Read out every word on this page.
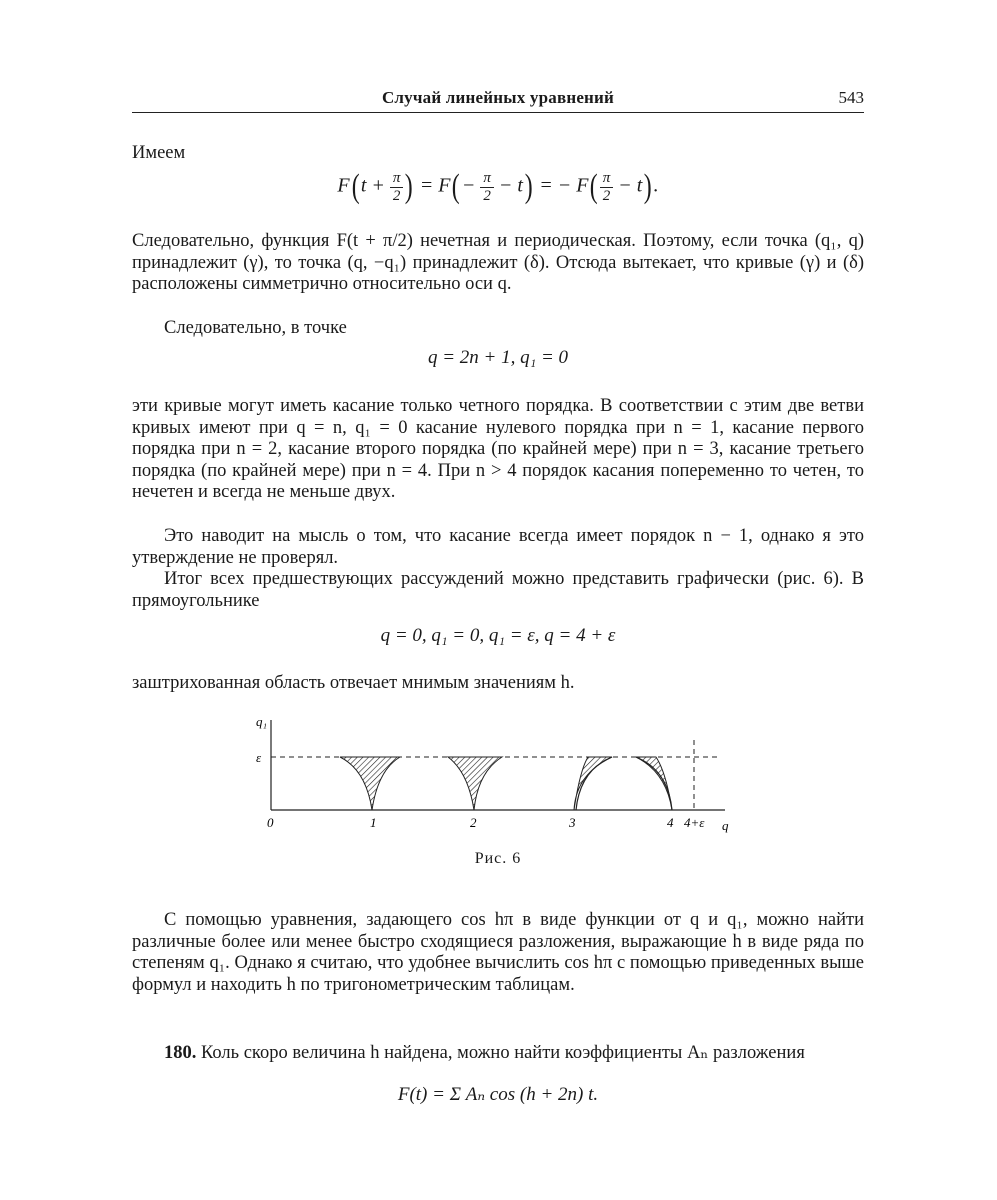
Случай линейных уравнений	543

Имеем

$F(t + \frac{\pi}{2}$ ) = $F(- \frac{\pi}{2} - t)$ = − $F( \frac{\pi}{2} - t)$.

Следовательно, функция F(t + π/2) нечетная и периодическая. Поэтому, если точка (q₁, q) принадлежит (γ), то точка (q, −q₁) принадлежит (δ). Отсюда вытекает, что кривые (γ) и (δ) расположены симметрично относительно оси q.

Следовательно, в точке

q = 2n + 1, q₁ = 0

эти кривые могут иметь касание только четного порядка. В соответствии с этим две ветви кривых имеют при q = n, q₁ = 0 касание нулевого порядка при n = 1, касание первого порядка при n = 2, касание второго порядка (по крайней мере) при n = 3, касание третьего порядка (по крайней мере) при n = 4. При n > 4 порядок касания попеременно то четен, то нечетен и всегда не меньше двух.

Это наводит на мысль о том, что касание всегда имеет порядок n − 1, однако я это утверждение не проверял.

Итог всех предшествующих рассуждений можно представить графически (рис. 6). В прямоугольнике

q = 0, q₁ = 0, q₁ = ε, q = 4 + ε

заштрихованная область отвечает мнимым значениям h.

q₁
ε
0	1	2	3	4 4+ε q
Рис. 6

С помощью уравнения, задающего cos hπ в виде функции от q и q₁, можно найти различные более или менее быстро сходящиеся разложения, выражающие h в виде ряда по степеням q₁. Однако я считаю, что удобнее вычислить cos hπ с помощью приведенных выше формул и находить h по тригонометрическим таблицам.

180. Коль скоро величина h найдена, можно найти коэффициенты Aₙ разложения

F(t) = Σ Aₙ cos (h + 2n) t.
